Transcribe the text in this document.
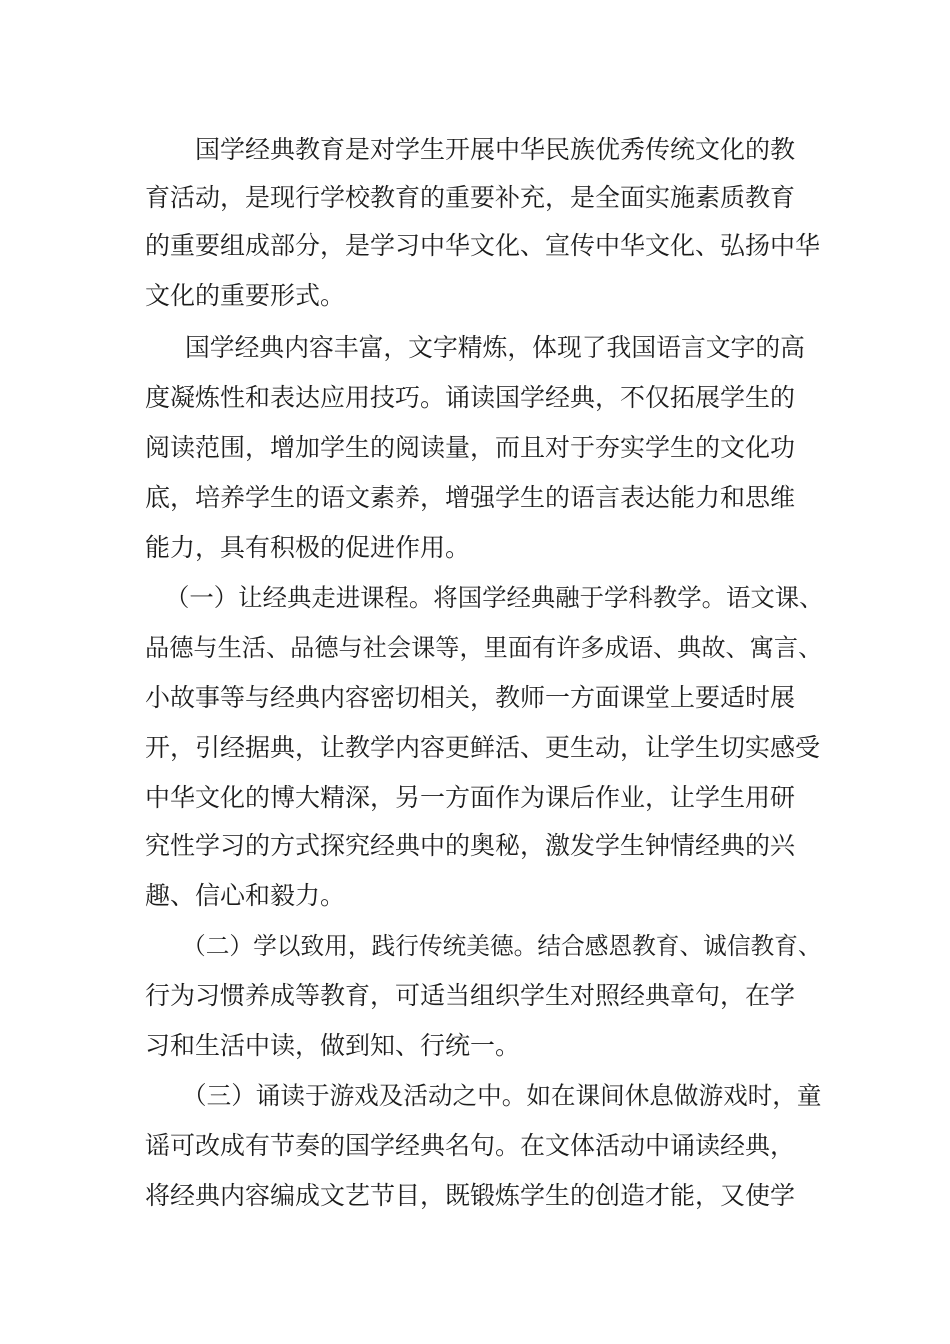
国学经典教育是对学生开展中华民族优秀传统文化的教
育活动，是现行学校教育的重要补充，是全面实施素质教育
的重要组成部分，是学习中华文化、宣传中华文化、弘扬中华
文化的重要形式。
国学经典内容丰富，文字精炼，体现了我国语言文字的高
度凝炼性和表达应用技巧。诵读国学经典，不仅拓展学生的
阅读范围，增加学生的阅读量，而且对于夯实学生的文化功
底，培养学生的语文素养，增强学生的语言表达能力和思维
能力，具有积极的促进作用。
（一）让经典走进课程。将国学经典融于学科教学。语文课、
品德与生活、品德与社会课等，里面有许多成语、典故、寓言、
小故事等与经典内容密切相关，教师一方面课堂上要适时展
开，引经据典，让教学内容更鲜活、更生动，让学生切实感受
中华文化的博大精深，另一方面作为课后作业，让学生用研
究性学习的方式探究经典中的奥秘，激发学生钟情经典的兴
趣、信心和毅力。
（二）学以致用，践行传统美德。结合感恩教育、诚信教育、
行为习惯养成等教育，可适当组织学生对照经典章句，在学
习和生活中读，做到知、行统一。
（三）诵读于游戏及活动之中。如在课间休息做游戏时，童
谣可改成有节奏的国学经典名句。在文体活动中诵读经典，
将经典内容编成文艺节目，既锻炼学生的创造才能，又使学
